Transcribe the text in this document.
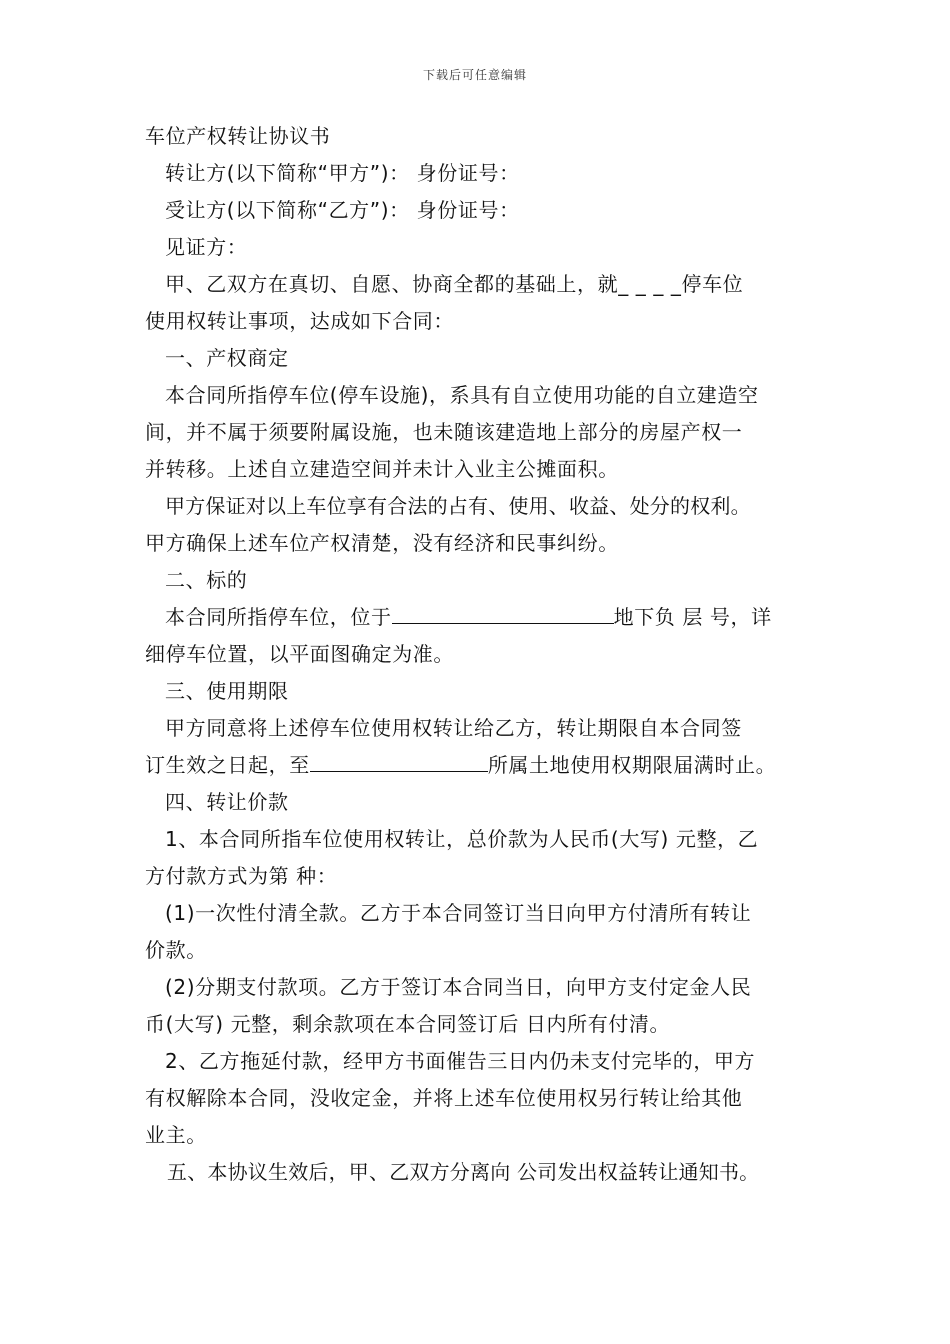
下载后可任意编辑
车位产权转让协议书
转让方(以下简称“甲方”)： 身份证号：
受让方(以下简称“乙方”)： 身份证号：
见证方：
甲、乙双方在真切、自愿、协商全都的基础上，就_ _ _ _停车位
使用权转让事项，达成如下合同：
一、产权商定
本合同所指停车位(停车设施)，系具有自立使用功能的自立建造空
间，并不属于须要附属设施，也未随该建造地上部分的房屋产权一
并转移。上述自立建造空间并未计入业主公摊面积。
甲方保证对以上车位享有合法的占有、使用、收益、处分的权利。
甲方确保上述车位产权清楚，没有经济和民事纠纷。
二、标的
本合同所指停车位，位于	地下负 层 号，详
细停车位置，以平面图确定为准。
三、使用期限
甲方同意将上述停车位使用权转让给乙方，转让期限自本合同签
订生效之日起，至	所属土地使用权期限届满时止。
四、转让价款
1、本合同所指车位使用权转让，总价款为人民币(大写) 元整，乙
方付款方式为第 种：
(1)一次性付清全款。乙方于本合同签订当日向甲方付清所有转让
价款。
(2)分期支付款项。乙方于签订本合同当日，向甲方支付定金人民
币(大写) 元整，剩余款项在本合同签订后 日内所有付清。
2、乙方拖延付款，经甲方书面催告三日内仍未支付完毕的，甲方
有权解除本合同，没收定金，并将上述车位使用权另行转让给其他
业主。
五、本协议生效后，甲、乙双方分离向 公司发出权益转让通知书。
